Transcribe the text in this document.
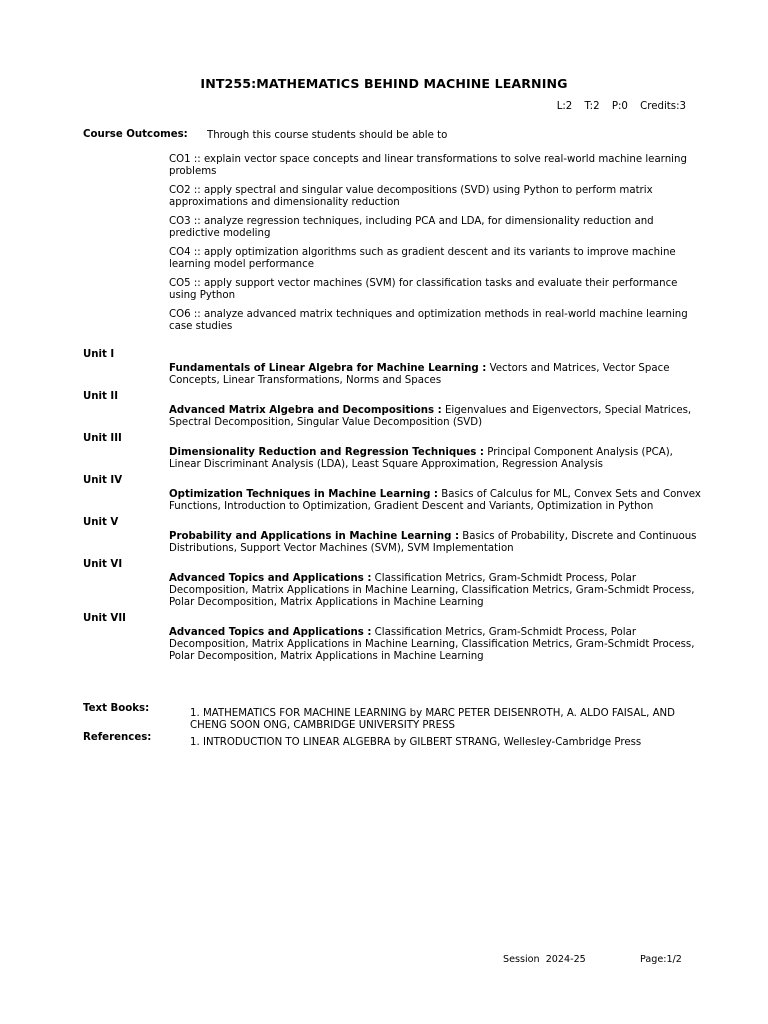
INT255:MATHEMATICS BEHIND MACHINE LEARNING
L:2 T:2 P:0 Credits:3
Course Outcomes: Through this course students should be able to
CO1 :: explain vector space concepts and linear transformations to solve real-world machine learning problems
CO2 :: apply spectral and singular value decompositions (SVD) using Python to perform matrix approximations and dimensionality reduction
CO3 :: analyze regression techniques, including PCA and LDA, for dimensionality reduction and predictive modeling
CO4 :: apply optimization algorithms such as gradient descent and its variants to improve machine learning model performance
CO5 :: apply support vector machines (SVM) for classification tasks and evaluate their performance using Python
CO6 :: analyze advanced matrix techniques and optimization methods in real-world machine learning case studies
Unit I
Fundamentals of Linear Algebra for Machine Learning : Vectors and Matrices, Vector Space Concepts, Linear Transformations, Norms and Spaces
Unit II
Advanced Matrix Algebra and Decompositions : Eigenvalues and Eigenvectors, Special Matrices, Spectral Decomposition, Singular Value Decomposition (SVD)
Unit III
Dimensionality Reduction and Regression Techniques : Principal Component Analysis (PCA), Linear Discriminant Analysis (LDA), Least Square Approximation, Regression Analysis
Unit IV
Optimization Techniques in Machine Learning : Basics of Calculus for ML, Convex Sets and Convex Functions, Introduction to Optimization, Gradient Descent and Variants, Optimization in Python
Unit V
Probability and Applications in Machine Learning : Basics of Probability, Discrete and Continuous Distributions, Support Vector Machines (SVM), SVM Implementation
Unit VI
Advanced Topics and Applications : Classification Metrics, Gram-Schmidt Process, Polar Decomposition, Matrix Applications in Machine Learning, Classification Metrics, Gram-Schmidt Process, Polar Decomposition, Matrix Applications in Machine Learning
Unit VII
Advanced Topics and Applications : Classification Metrics, Gram-Schmidt Process, Polar Decomposition, Matrix Applications in Machine Learning, Classification Metrics, Gram-Schmidt Process, Polar Decomposition, Matrix Applications in Machine Learning
Text Books:	1. MATHEMATICS FOR MACHINE LEARNING by MARC PETER DEISENROTH, A. ALDO FAISAL, AND CHENG SOON ONG, CAMBRIDGE UNIVERSITY PRESS
References:	1. INTRODUCTION TO LINEAR ALGEBRA by GILBERT STRANG, Wellesley-Cambridge Press
Session  2024-25	Page:1/2
